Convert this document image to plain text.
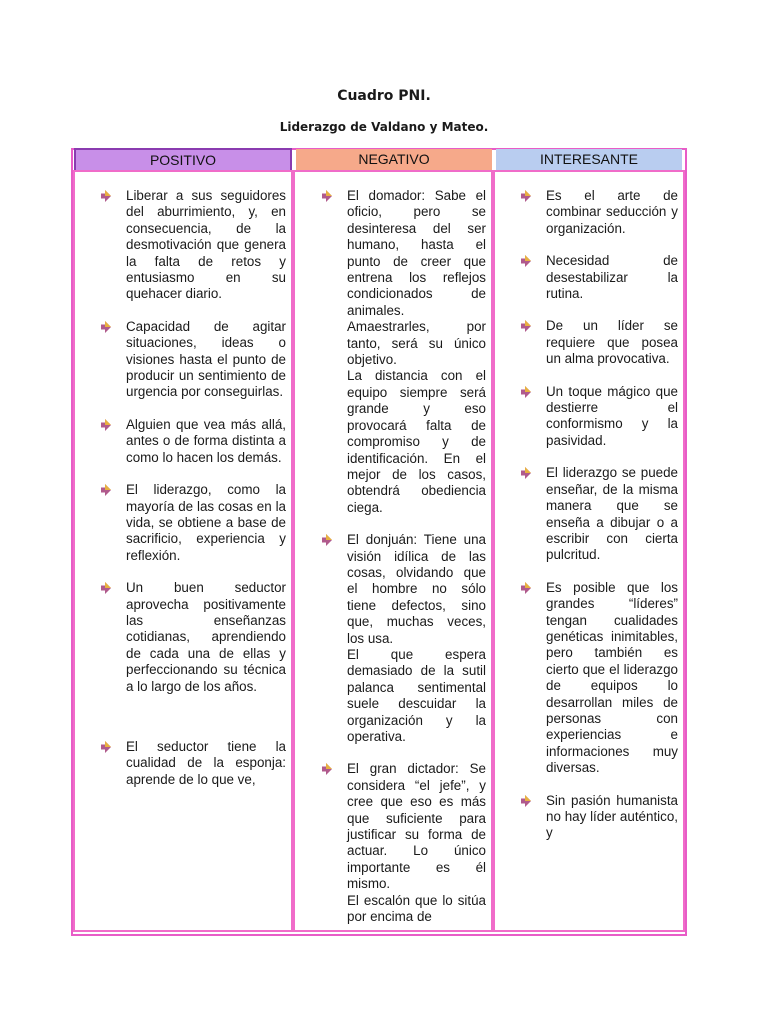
Cuadro PNI.
Liderazgo de Valdano y Mateo.
POSITIVO	NEGATIVO	INTERESANTE
Liberar a sus seguidores del aburrimiento, y, en consecuencia, de la desmotivación que genera la falta de retos y entusiasmo en su quehacer diario.
Capacidad de agitar situaciones, ideas o visiones hasta el punto de producir un sentimiento de urgencia por conseguirlas.
Alguien que vea más allá, antes o de forma distinta a como lo hacen los demás.
El liderazgo, como la mayoría de las cosas en la vida, se obtiene a base de sacrificio, experiencia y reflexión.
Un buen seductor aprovecha positivamente las enseñanzas cotidianas, aprendiendo de cada una de ellas y perfeccionando su técnica a lo largo de los años.
El seductor tiene la cualidad de la esponja: aprende de lo que ve,
El domador: Sabe el oficio, pero se desinteresa del ser humano, hasta el punto de creer que entrena los reflejos condicionados de animales.
Amaestrarles, por tanto, será su único objetivo.
La distancia con el equipo siempre será grande y eso provocará falta de compromiso y de identificación. En el mejor de los casos, obtendrá obediencia ciega.
El donjuán: Tiene una visión idílica de las cosas, olvidando que el hombre no sólo tiene defectos, sino que, muchas veces, los usa.
El que espera demasiado de la sutil palanca sentimental suele descuidar la organización y la operativa.
El gran dictador: Se considera “el jefe”, y cree que eso es más que suficiente para justificar su forma de actuar. Lo único importante es él mismo.
El escalón que lo sitúa por encima de
Es el arte de combinar seducción y organización.
Necesidad de desestabilizar la rutina.
De un líder se requiere que posea un alma provocativa.
Un toque mágico que destierre el conformismo y la pasividad.
El liderazgo se puede enseñar, de la misma manera que se enseña a dibujar o a escribir con cierta pulcritud.
Es posible que los grandes “líderes” tengan cualidades genéticas inimitables, pero también es cierto que el liderazgo de equipos lo desarrollan miles de personas con experiencias e informaciones muy diversas.
Sin pasión humanista no hay líder auténtico, y
